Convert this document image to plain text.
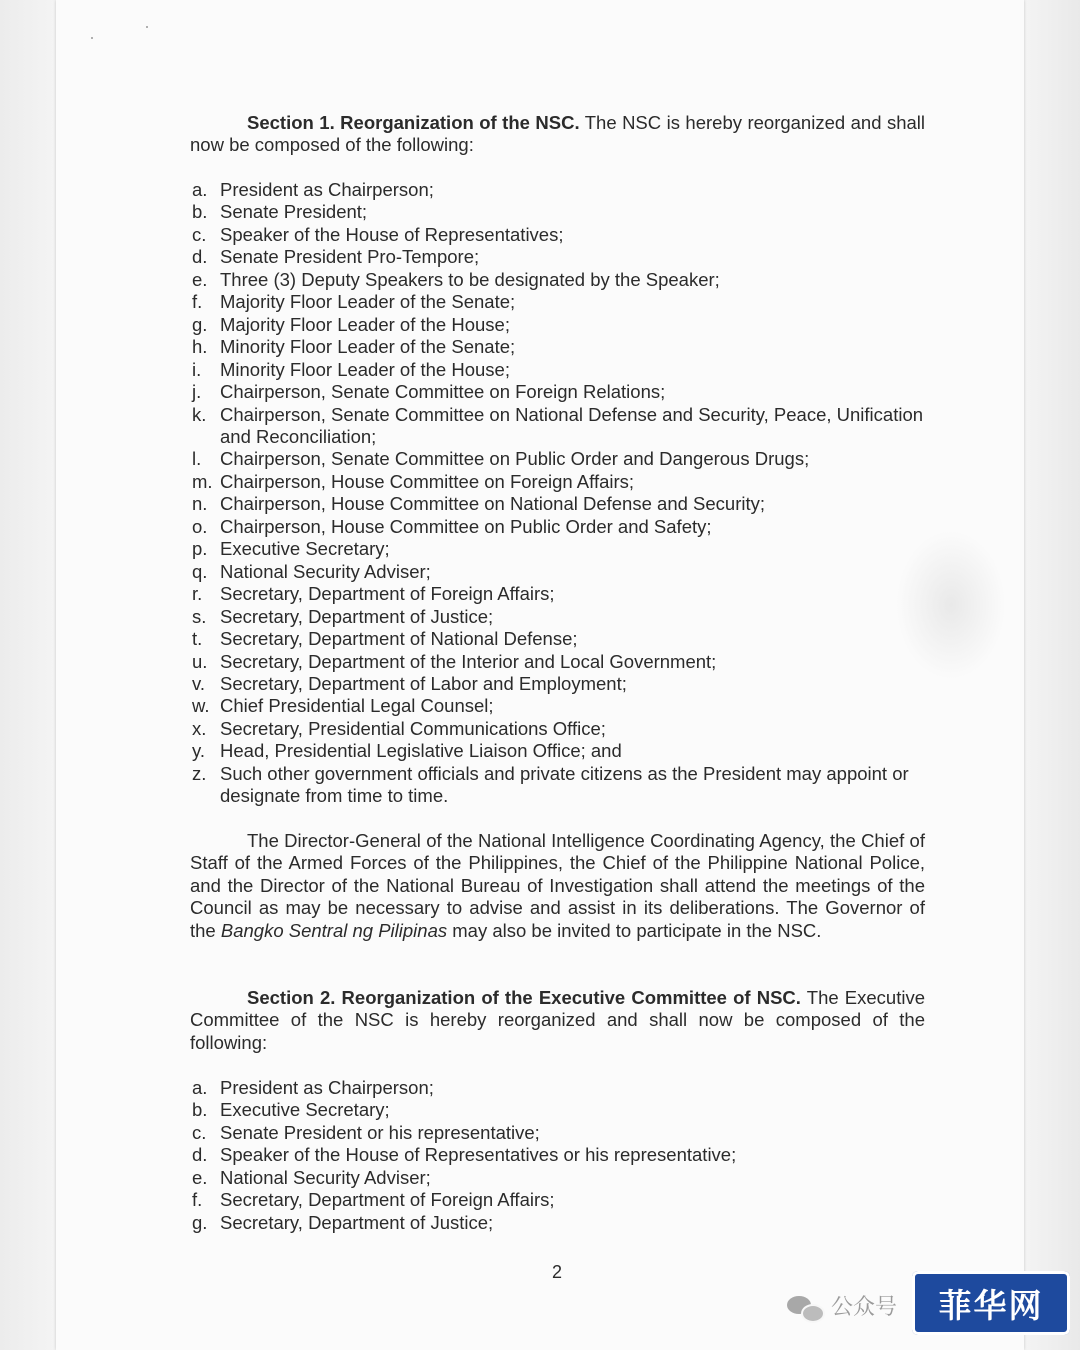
Section 1. Reorganization of the NSC. The NSC is hereby reorganized and shall now be composed of the following:

a. President as Chairperson;
b. Senate President;
c. Speaker of the House of Representatives;
d. Senate President Pro-Tempore;
e. Three (3) Deputy Speakers to be designated by the Speaker;
f. Majority Floor Leader of the Senate;
g. Majority Floor Leader of the House;
h. Minority Floor Leader of the Senate;
i. Minority Floor Leader of the House;
j. Chairperson, Senate Committee on Foreign Relations;
k. Chairperson, Senate Committee on National Defense and Security, Peace, Unification and Reconciliation;
l. Chairperson, Senate Committee on Public Order and Dangerous Drugs;
m. Chairperson, House Committee on Foreign Affairs;
n. Chairperson, House Committee on National Defense and Security;
o. Chairperson, House Committee on Public Order and Safety;
p. Executive Secretary;
q. National Security Adviser;
r. Secretary, Department of Foreign Affairs;
s. Secretary, Department of Justice;
t. Secretary, Department of National Defense;
u. Secretary, Department of the Interior and Local Government;
v. Secretary, Department of Labor and Employment;
w. Chief Presidential Legal Counsel;
x. Secretary, Presidential Communications Office;
y. Head, Presidential Legislative Liaison Office; and
z. Such other government officials and private citizens as the President may appoint or designate from time to time.

The Director-General of the National Intelligence Coordinating Agency, the Chief of Staff of the Armed Forces of the Philippines, the Chief of the Philippine National Police, and the Director of the National Bureau of Investigation shall attend the meetings of the Council as may be necessary to advise and assist in its deliberations. The Governor of the Bangko Sentral ng Pilipinas may also be invited to participate in the NSC.

Section 2. Reorganization of the Executive Committee of NSC. The Executive Committee of the NSC is hereby reorganized and shall now be composed of the following:

a. President as Chairperson;
b. Executive Secretary;
c. Senate President or his representative;
d. Speaker of the House of Representatives or his representative;
e. National Security Adviser;
f. Secretary, Department of Foreign Affairs;
g. Secretary, Department of Justice;
2
公众号	菲华网
